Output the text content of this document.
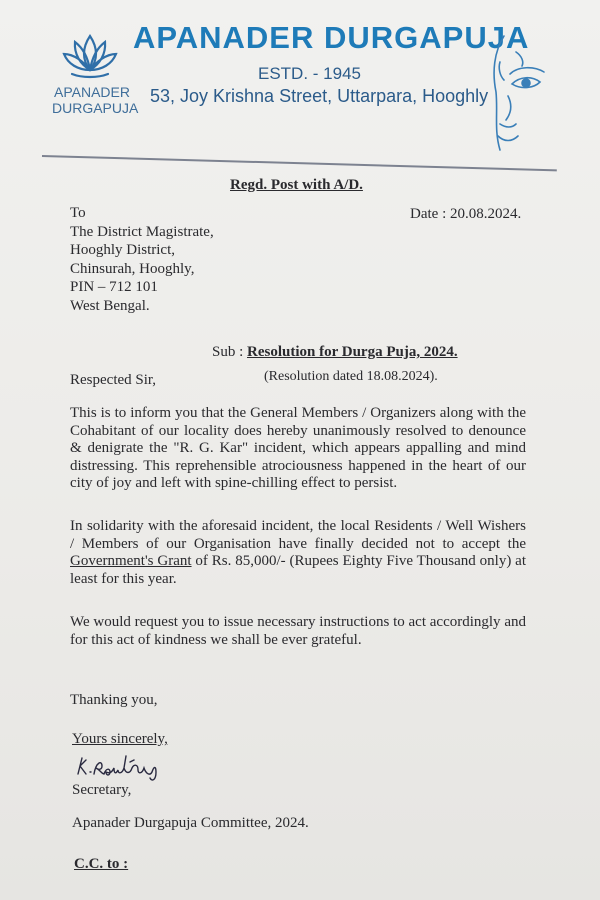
APANADER
DURGAPUJA
APANADER DURGAPUJA
ESTD. - 1945
53, Joy Krishna Street, Uttarpara, Hooghly
Regd. Post with A/D.
Date : 20.08.2024.
To
The District Magistrate,
Hooghly District,
Chinsurah, Hooghly,
PIN – 712 101
West Bengal.
Sub : Resolution for Durga Puja, 2024.
(Resolution dated 18.08.2024).
Respected Sir,
This is to inform you that the General Members / Organizers along with the Cohabitant of our locality does hereby unanimously resolved to denounce & denigrate the "R. G. Kar" incident, which appears appalling and mind distressing. This reprehensible atrociousness happened in the heart of our city of joy and left with spine-chilling effect to persist.
In solidarity with the aforesaid incident, the local Residents / Well Wishers / Members of our Organisation have finally decided not to accept the Government's Grant of Rs. 85,000/- (Rupees Eighty Five Thousand only) at least for this year.
We would request you to issue necessary instructions to act accordingly and for this act of kindness we shall be ever grateful.
Thanking you,
Yours sincerely,
Secretary,
Apanader Durgapuja Committee, 2024.
C.C. to :
